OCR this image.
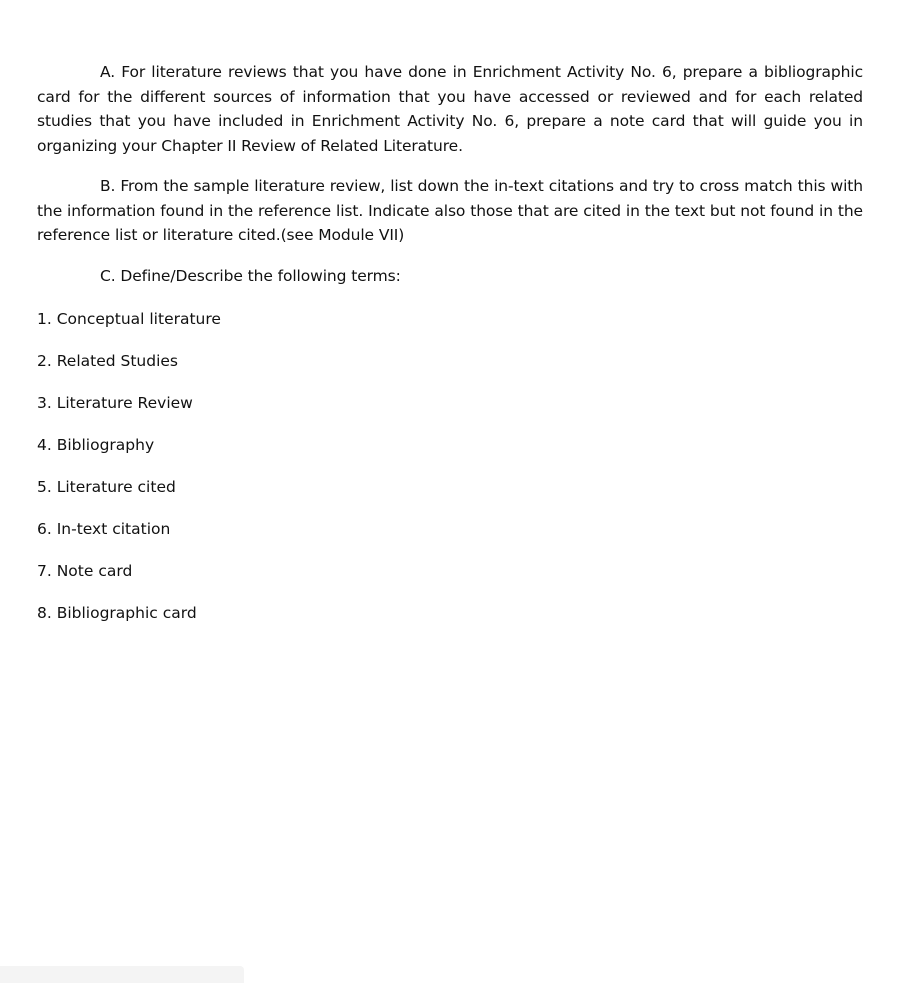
A. For literature reviews that you have done in Enrichment Activity No. 6, prepare a bibliographic card for the different sources of information that you have accessed or reviewed and for each related studies that you have included in Enrichment Activity No. 6, prepare a note card that will guide you in organizing your Chapter II Review of Related Literature.

B. From the sample literature review, list down the in-text citations and try to cross match this with the information found in the reference list. Indicate also those that are cited in the text but not found in the reference list or literature cited.(see Module VII)

C. Define/Describe the following terms:

1. Conceptual literature
2. Related Studies
3. Literature Review
4. Bibliography
5. Literature cited
6. In-text citation
7. Note card
8. Bibliographic card
